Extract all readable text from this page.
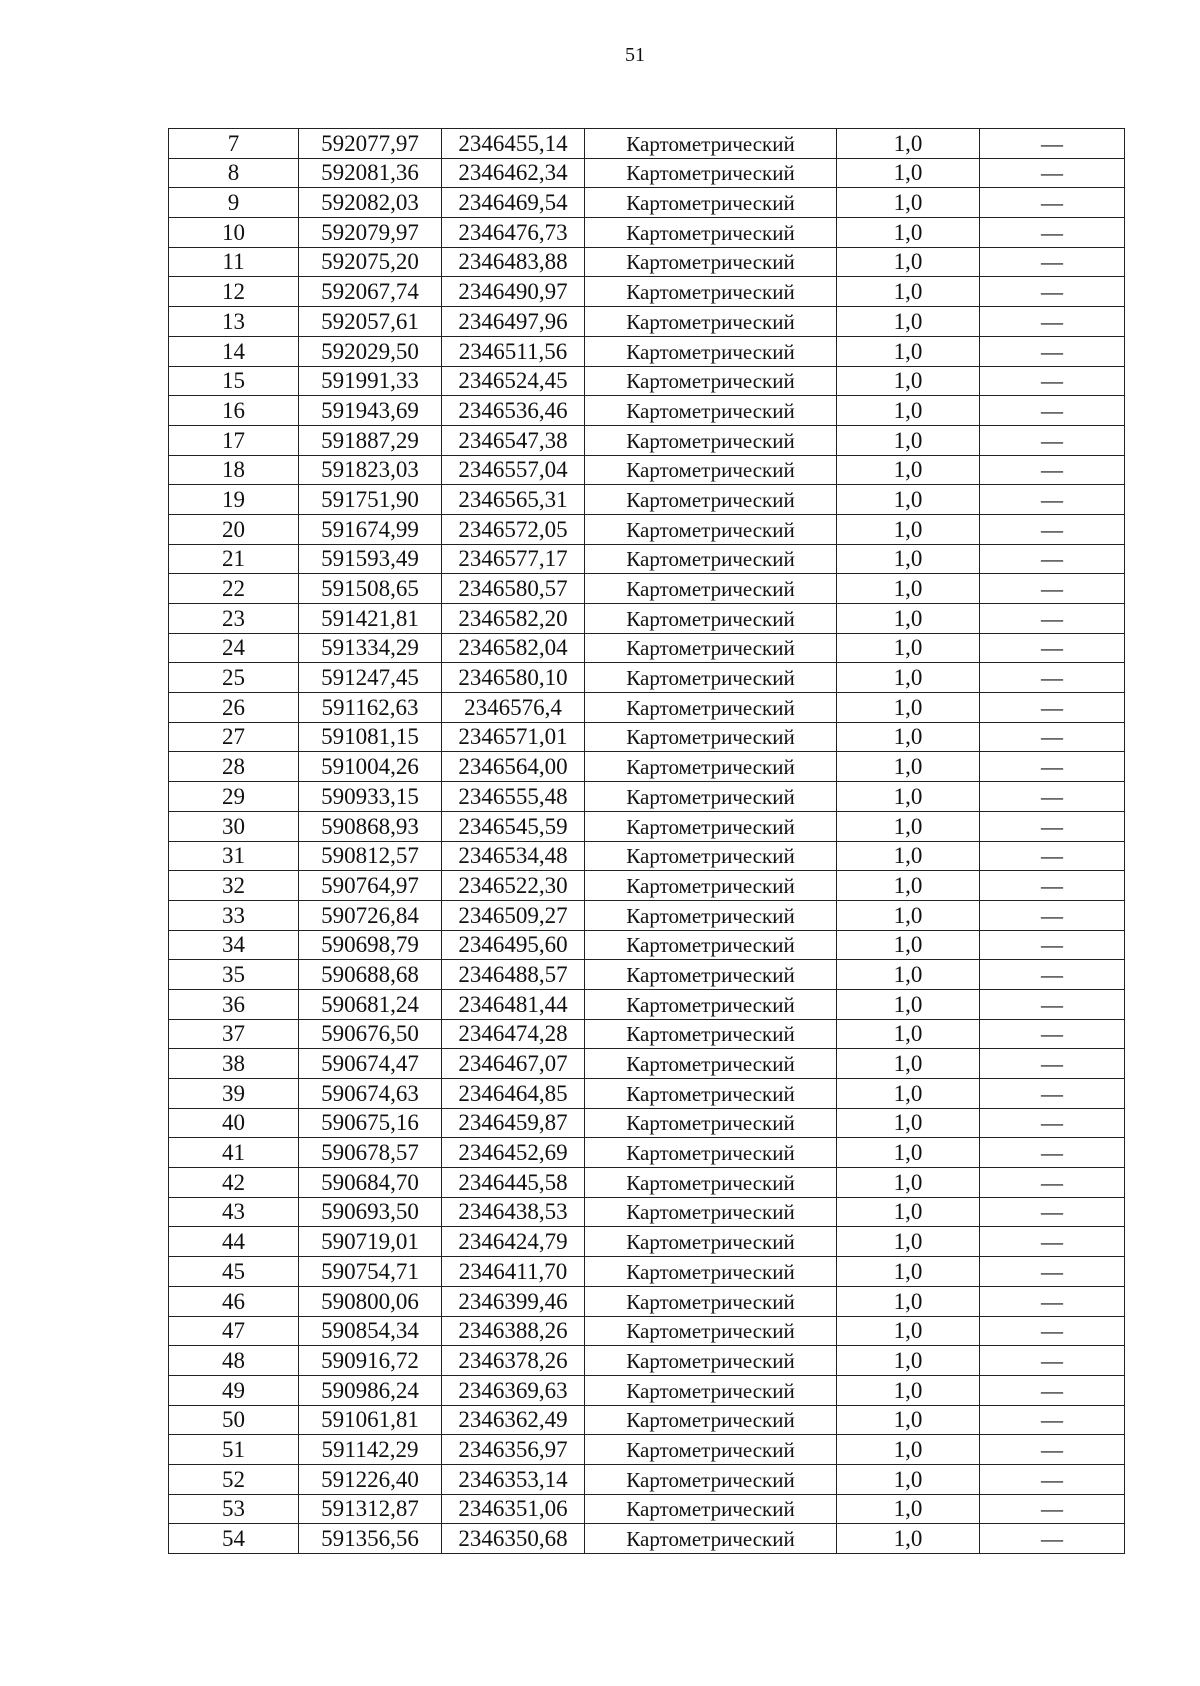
51
7	592077,97	2346455,14	Картометрический	1,0	—
8	592081,36	2346462,34	Картометрический	1,0	—
9	592082,03	2346469,54	Картометрический	1,0	—
10	592079,97	2346476,73	Картометрический	1,0	—
11	592075,20	2346483,88	Картометрический	1,0	—
12	592067,74	2346490,97	Картометрический	1,0	—
13	592057,61	2346497,96	Картометрический	1,0	—
14	592029,50	2346511,56	Картометрический	1,0	—
15	591991,33	2346524,45	Картометрический	1,0	—
16	591943,69	2346536,46	Картометрический	1,0	—
17	591887,29	2346547,38	Картометрический	1,0	—
18	591823,03	2346557,04	Картометрический	1,0	—
19	591751,90	2346565,31	Картометрический	1,0	—
20	591674,99	2346572,05	Картометрический	1,0	—
21	591593,49	2346577,17	Картометрический	1,0	—
22	591508,65	2346580,57	Картометрический	1,0	—
23	591421,81	2346582,20	Картометрический	1,0	—
24	591334,29	2346582,04	Картометрический	1,0	—
25	591247,45	2346580,10	Картометрический	1,0	—
26	591162,63	2346576,4	Картометрический	1,0	—
27	591081,15	2346571,01	Картометрический	1,0	—
28	591004,26	2346564,00	Картометрический	1,0	—
29	590933,15	2346555,48	Картометрический	1,0	—
30	590868,93	2346545,59	Картометрический	1,0	—
31	590812,57	2346534,48	Картометрический	1,0	—
32	590764,97	2346522,30	Картометрический	1,0	—
33	590726,84	2346509,27	Картометрический	1,0	—
34	590698,79	2346495,60	Картометрический	1,0	—
35	590688,68	2346488,57	Картометрический	1,0	—
36	590681,24	2346481,44	Картометрический	1,0	—
37	590676,50	2346474,28	Картометрический	1,0	—
38	590674,47	2346467,07	Картометрический	1,0	—
39	590674,63	2346464,85	Картометрический	1,0	—
40	590675,16	2346459,87	Картометрический	1,0	—
41	590678,57	2346452,69	Картометрический	1,0	—
42	590684,70	2346445,58	Картометрический	1,0	—
43	590693,50	2346438,53	Картометрический	1,0	—
44	590719,01	2346424,79	Картометрический	1,0	—
45	590754,71	2346411,70	Картометрический	1,0	—
46	590800,06	2346399,46	Картометрический	1,0	—
47	590854,34	2346388,26	Картометрический	1,0	—
48	590916,72	2346378,26	Картометрический	1,0	—
49	590986,24	2346369,63	Картометрический	1,0	—
50	591061,81	2346362,49	Картометрический	1,0	—
51	591142,29	2346356,97	Картометрический	1,0	—
52	591226,40	2346353,14	Картометрический	1,0	—
53	591312,87	2346351,06	Картометрический	1,0	—
54	591356,56	2346350,68	Картометрический	1,0	—
